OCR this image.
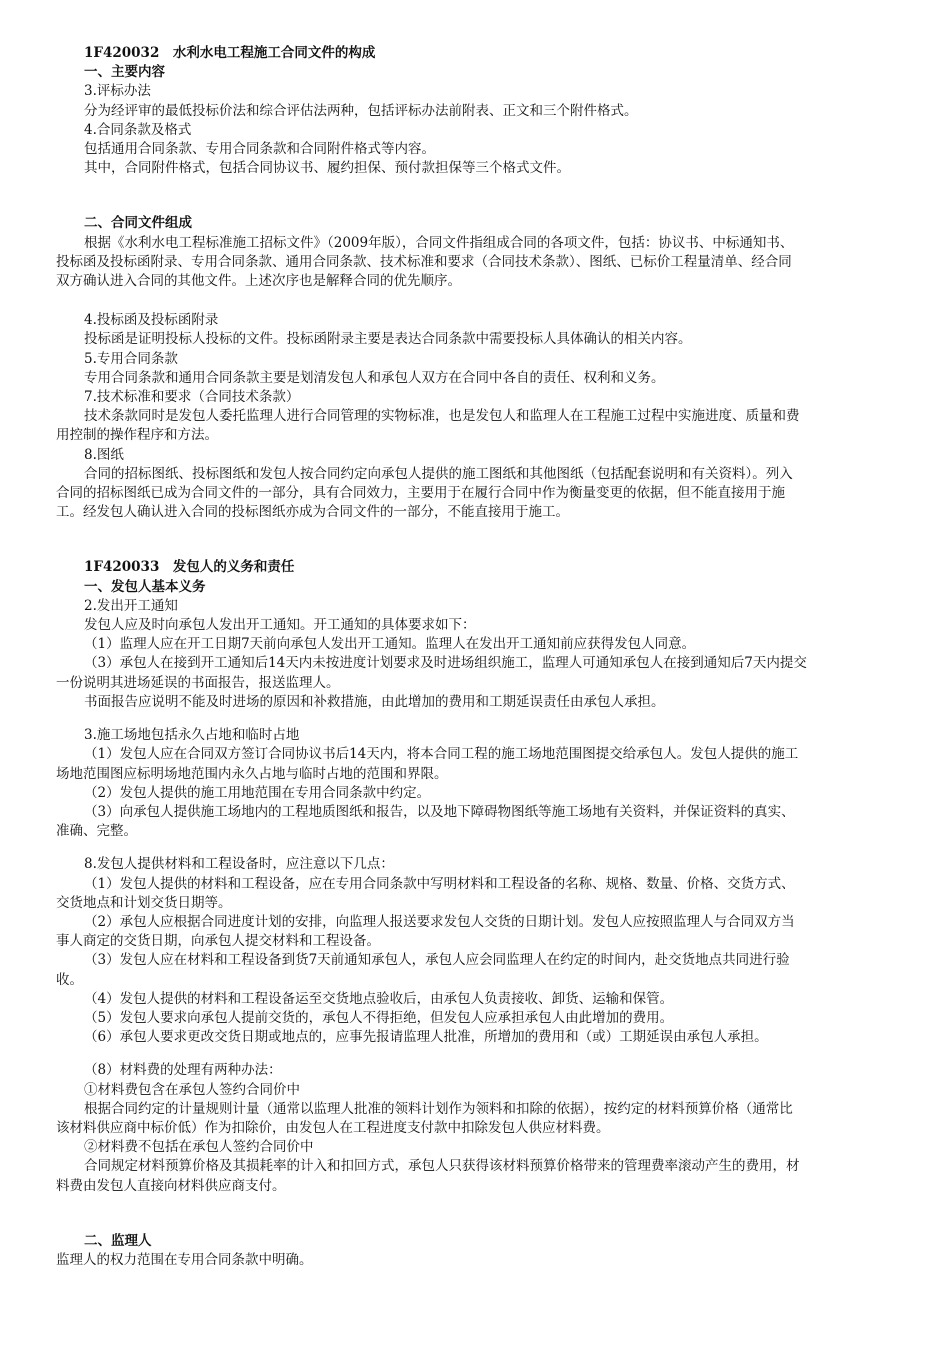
1F420032　水利水电工程施工合同文件的构成

一、主要内容

3.评标办法

分为经评审的最低投标价法和综合评估法两种，包括评标办法前附表、正文和三个附件格式。

4.合同条款及格式

包括通用合同条款、专用合同条款和合同附件格式等内容。

其中，合同附件格式，包括合同协议书、履约担保、预付款担保等三个格式文件。

二、合同文件组成

根据《水利水电工程标准施工招标文件》（2009年版），合同文件指组成合同的各项文件，包括：协议书、中标通知书、

投标函及投标函附录、专用合同条款、通用合同条款、技术标准和要求（合同技术条款）、图纸、已标价工程量清单、经合同

双方确认进入合同的其他文件。上述次序也是解释合同的优先顺序。

4.投标函及投标函附录

投标函是证明投标人投标的文件。投标函附录主要是表达合同条款中需要投标人具体确认的相关内容。

5.专用合同条款

专用合同条款和通用合同条款主要是划清发包人和承包人双方在合同中各自的责任、权利和义务。

7.技术标准和要求（合同技术条款）

技术条款同时是发包人委托监理人进行合同管理的实物标准，也是发包人和监理人在工程施工过程中实施进度、质量和费

用控制的操作程序和方法。

8.图纸

合同的招标图纸、投标图纸和发包人按合同约定向承包人提供的施工图纸和其他图纸（包括配套说明和有关资料）。列入

合同的招标图纸已成为合同文件的一部分，具有合同效力，主要用于在履行合同中作为衡量变更的依据，但不能直接用于施

工。经发包人确认进入合同的投标图纸亦成为合同文件的一部分，不能直接用于施工。

1F420033　发包人的义务和责任

一、发包人基本义务

2.发出开工通知

发包人应及时向承包人发出开工通知。开工通知的具体要求如下：

（1）监理人应在开工日期7天前向承包人发出开工通知。监理人在发出开工通知前应获得发包人同意。

（3）承包人在接到开工通知后14天内未按进度计划要求及时进场组织施工，监理人可通知承包人在接到通知后7天内提交

一份说明其进场延误的书面报告，报送监理人。

书面报告应说明不能及时进场的原因和补救措施，由此增加的费用和工期延误责任由承包人承担。

3.施工场地包括永久占地和临时占地

（1）发包人应在合同双方签订合同协议书后14天内，将本合同工程的施工场地范围图提交给承包人。发包人提供的施工

场地范围图应标明场地范围内永久占地与临时占地的范围和界限。

（2）发包人提供的施工用地范围在专用合同条款中约定。

（3）向承包人提供施工场地内的工程地质图纸和报告，以及地下障碍物图纸等施工场地有关资料，并保证资料的真实、

准确、完整。

8.发包人提供材料和工程设备时，应注意以下几点：

（1）发包人提供的材料和工程设备，应在专用合同条款中写明材料和工程设备的名称、规格、数量、价格、交货方式、

交货地点和计划交货日期等。

（2）承包人应根据合同进度计划的安排，向监理人报送要求发包人交货的日期计划。发包人应按照监理人与合同双方当

事人商定的交货日期，向承包人提交材料和工程设备。

（3）发包人应在材料和工程设备到货7天前通知承包人，承包人应会同监理人在约定的时间内，赴交货地点共同进行验

收。

（4）发包人提供的材料和工程设备运至交货地点验收后，由承包人负责接收、卸货、运输和保管。

（5）发包人要求向承包人提前交货的，承包人不得拒绝，但发包人应承担承包人由此增加的费用。

（6）承包人要求更改交货日期或地点的，应事先报请监理人批准，所增加的费用和（或）工期延误由承包人承担。

（8）材料费的处理有两种办法：

①材料费包含在承包人签约合同价中

根据合同约定的计量规则计量（通常以监理人批准的领料计划作为领料和扣除的依据），按约定的材料预算价格（通常比

该材料供应商中标价低）作为扣除价，由发包人在工程进度支付款中扣除发包人供应材料费。

②材料费不包括在承包人签约合同价中

合同规定材料预算价格及其损耗率的计入和扣回方式，承包人只获得该材料预算价格带来的管理费率滚动产生的费用，材

料费由发包人直接向材料供应商支付。

二、监理人

监理人的权力范围在专用合同条款中明确。
